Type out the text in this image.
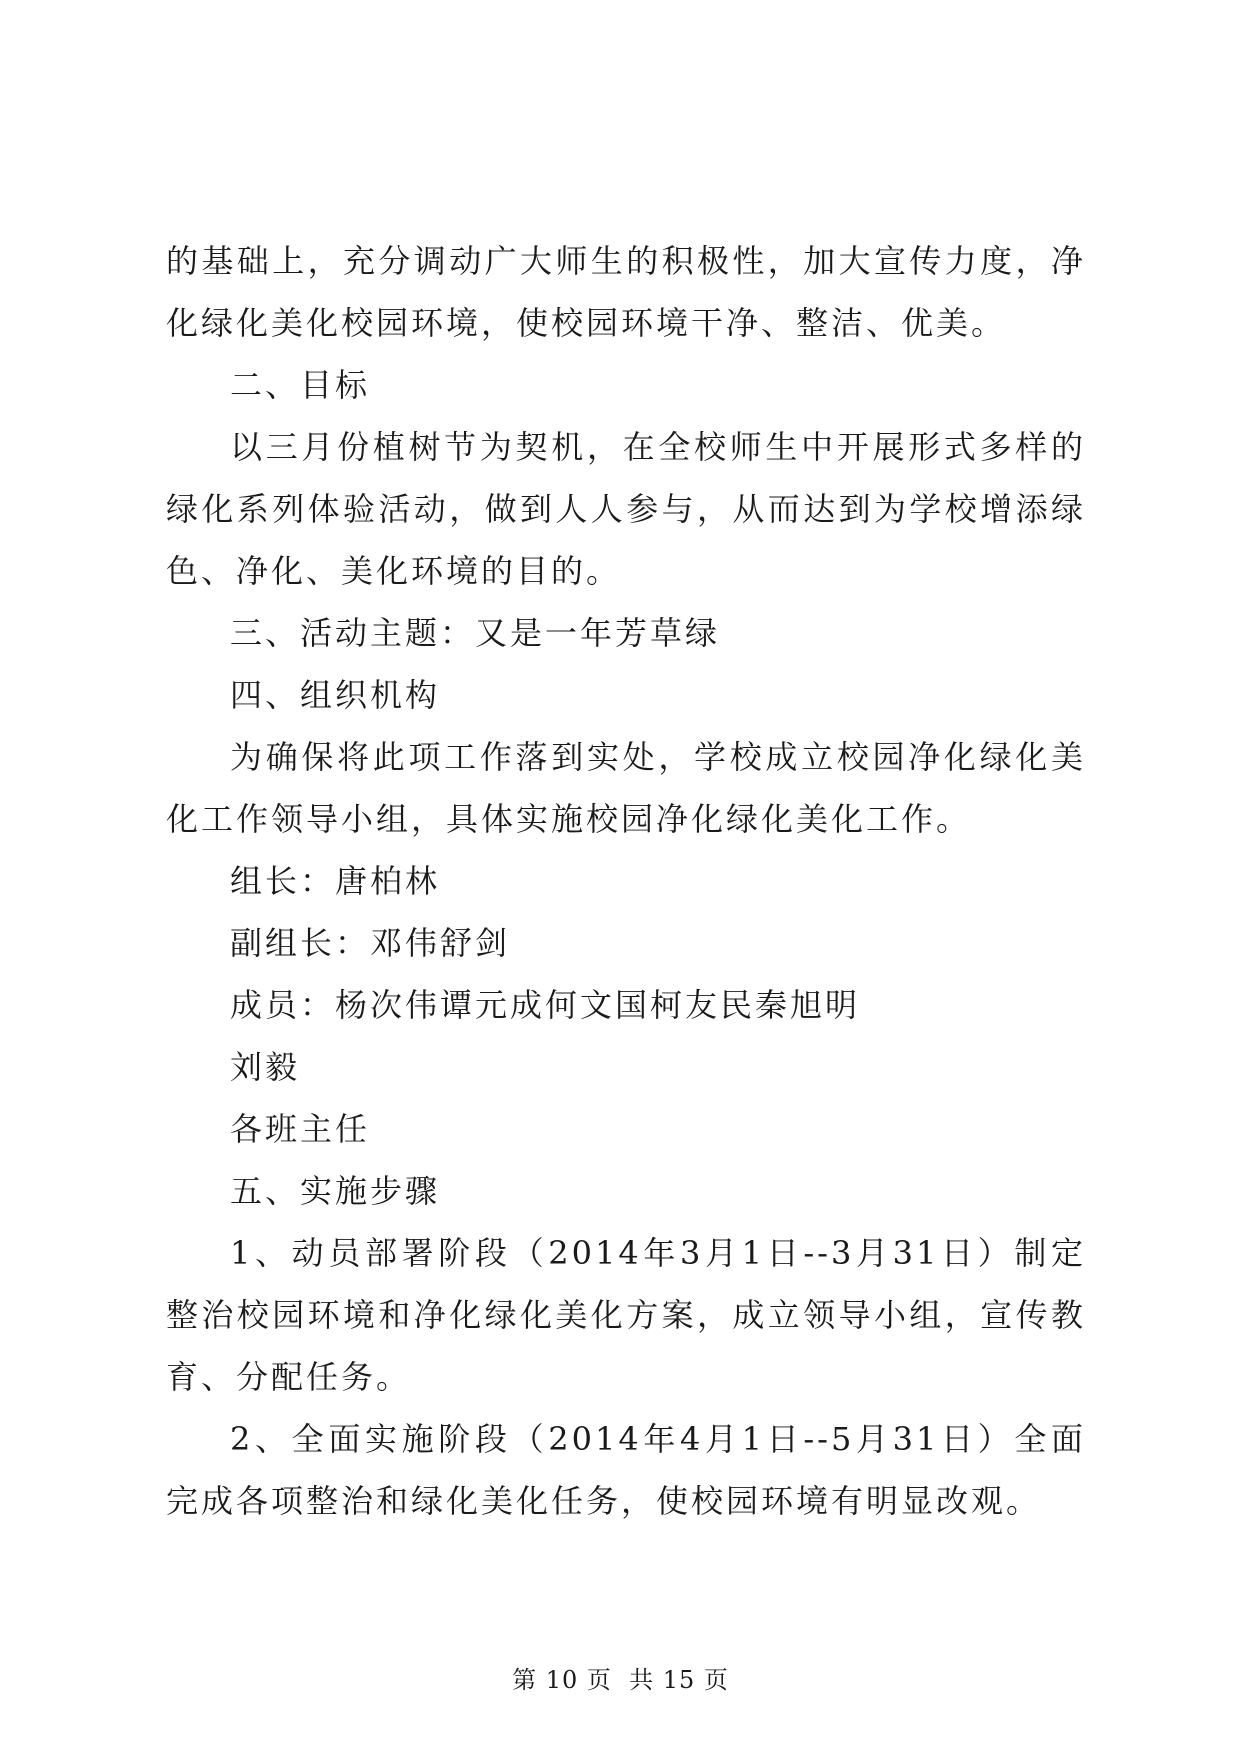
的基础上，充分调动广大师生的积极性，加大宣传力度，净化绿化美化校园环境，使校园环境干净、整洁、优美。

二、目标

以三月份植树节为契机，在全校师生中开展形式多样的绿化系列体验活动，做到人人参与，从而达到为学校增添绿色、净化、美化环境的目的。

三、活动主题：又是一年芳草绿

四、组织机构

为确保将此项工作落到实处，学校成立校园净化绿化美化工作领导小组，具体实施校园净化绿化美化工作。

组长：唐柏林

副组长：邓伟舒剑

成员：杨次伟谭元成何文国柯友民秦旭明

刘毅

各班主任

五、实施步骤

1、动员部署阶段（2014年3月1日--3月31日）制定整治校园环境和净化绿化美化方案，成立领导小组，宣传教育、分配任务。

2、全面实施阶段（2014年4月1日--5月31日）全面完成各项整治和绿化美化任务，使校园环境有明显改观。

第 10 页  共 15 页
